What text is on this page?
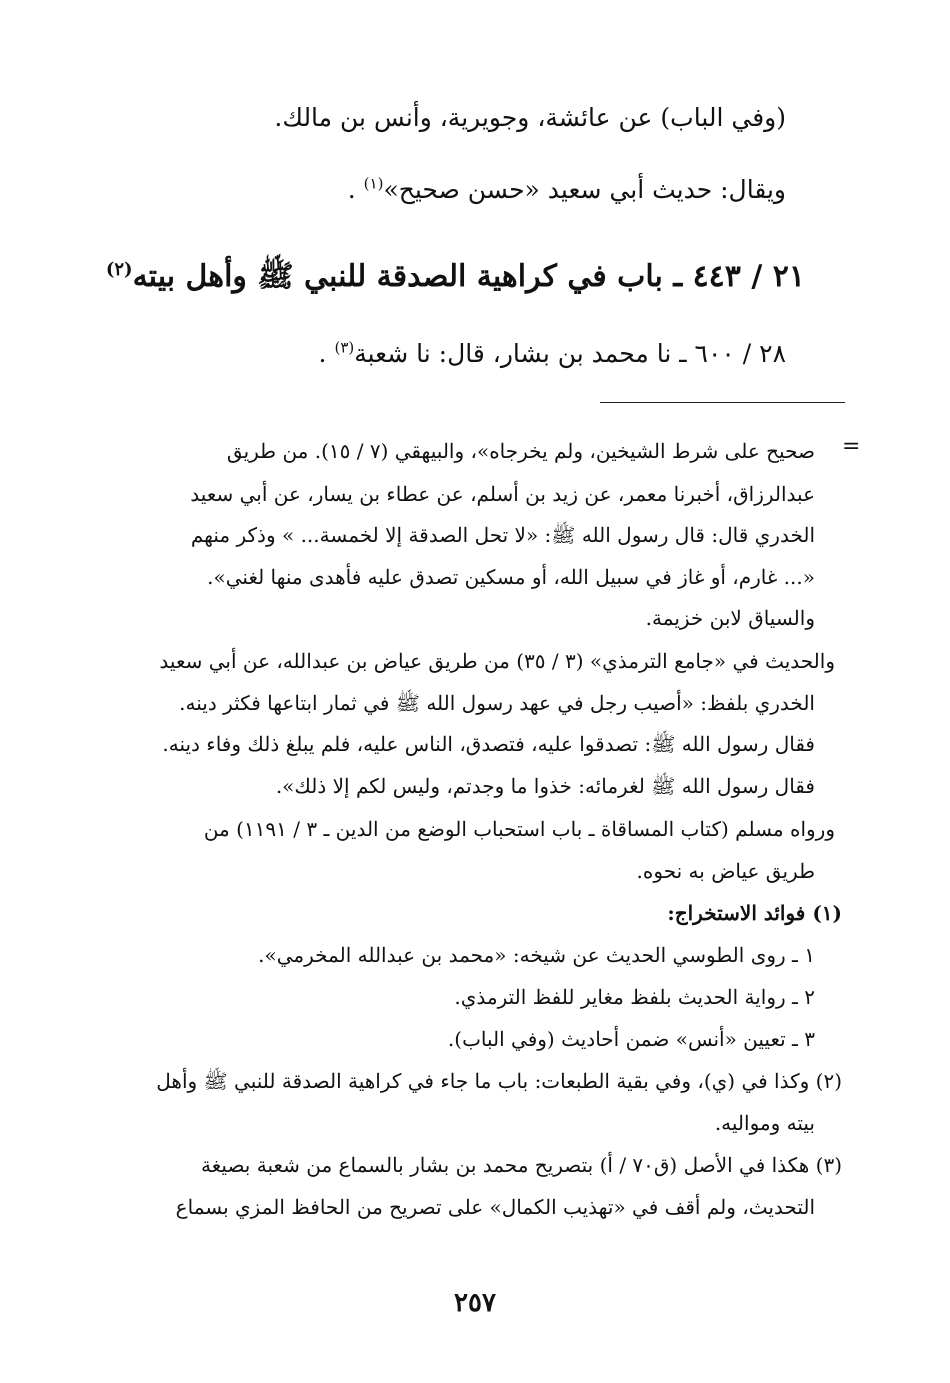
(وفي الباب) عن عائشة، وجويرية، وأنس بن مالك.
ويقال: حديث أبي سعيد «حسن صحيح»$^{(١)}$ .
٢١ / ٤٤٣ ـ باب في كراهية الصدقة للنبي ﷺ وأهل بيته$^{(٢)}$
٢٨ / ٦٠٠ ـ نا محمد بن بشار، قال: نا شعبة$^{(٣)}$ .
=
صحيح على شرط الشيخين، ولم يخرجاه»، والبيهقي (٧ / ١٥). من طريق
عبدالرزاق، أخبرنا معمر، عن زيد بن أسلم، عن عطاء بن يسار، عن أبي سعيد
الخدري قال: قال رسول الله ﷺ: «لا تحل الصدقة إلا لخمسة... » وذكر منهم
«... غارم، أو غاز في سبيل الله، أو مسكين تصدق عليه فأهدى منها لغني».
والسياق لابن خزيمة.
والحديث في «جامع الترمذي» (٣ / ٣٥) من طريق عياض بن عبدالله، عن أبي سعيد
الخدري بلفظ: «أصيب رجل في عهد رسول الله ﷺ في ثمار ابتاعها فكثر دينه.
فقال رسول الله ﷺ: تصدقوا عليه، فتصدق، الناس عليه، فلم يبلغ ذلك وفاء دينه.
فقال رسول الله ﷺ لغرمائه: خذوا ما وجدتم، وليس لكم إلا ذلك».
ورواه مسلم (كتاب المساقاة ـ باب استحباب الوضع من الدين ـ ٣ / ١١٩١) من
طريق عياض به نحوه.
(١) فوائد الاستخراج:
١ ـ روى الطوسي الحديث عن شيخه: «محمد بن عبدالله المخرمي».
٢ ـ رواية الحديث بلفظ مغاير للفظ الترمذي.
٣ ـ تعيين «أنس» ضمن أحاديث (وفي الباب).
(٢) وكذا في (ي)، وفي بقية الطبعات: باب ما جاء في كراهية الصدقة للنبي ﷺ وأهل
بيته ومواليه.
(٣) هكذا في الأصل (ق٧٠ / أ) بتصريح محمد بن بشار بالسماع من شعبة بصيغة
التحديث، ولم أقف في «تهذيب الكمال» على تصريح من الحافظ المزي بسماع
٢٥٧
